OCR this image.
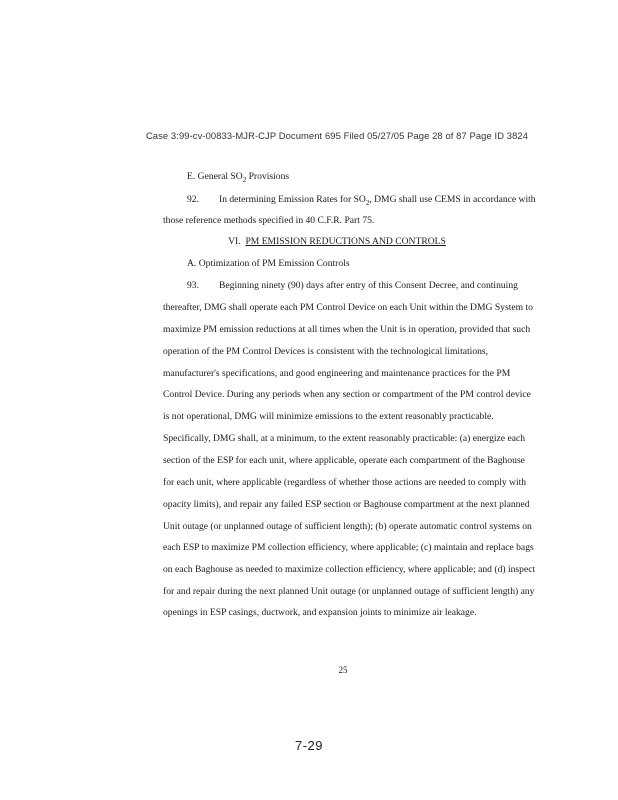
Case 3:99-cv-00833-MJR-CJP Document 695 Filed 05/27/05 Page 28 of 87 Page ID 3824
E. General $SO_2$ Provisions
92. In determining Emission Rates for $SO_2$, DMG shall use CEMS in accordance with
those reference methods specified in 40 C.F.R. Part 75.
VI. PM EMISSION REDUCTIONS AND CONTROLS
A. Optimization of PM Emission Controls
93. Beginning ninety (90) days after entry of this Consent Decree, and continuing
thereafter, DMG shall operate each PM Control Device on each Unit within the DMG System to
maximize PM emission reductions at all times when the Unit is in operation, provided that such
operation of the PM Control Devices is consistent with the technological limitations,
manufacturer's specifications, and good engineering and maintenance practices for the PM
Control Device. During any periods when any section or compartment of the PM control device
is not operational, DMG will minimize emissions to the extent reasonably practicable.
Specifically, DMG shall, at a minimum, to the extent reasonably practicable: (a) energize each
section of the ESP for each unit, where applicable, operate each compartment of the Baghouse
for each unit, where applicable (regardless of whether those actions are needed to comply with
opacity limits), and repair any failed ESP section or Baghouse compartment at the next planned
Unit outage (or unplanned outage of sufficient length); (b) operate automatic control systems on
each ESP to maximize PM collection efficiency, where applicable; (c) maintain and replace bags
on each Baghouse as needed to maximize collection efficiency, where applicable; and (d) inspect
for and repair during the next planned Unit outage (or unplanned outage of sufficient length) any
openings in ESP casings, ductwork, and expansion joints to minimize air leakage.
25
7-29
